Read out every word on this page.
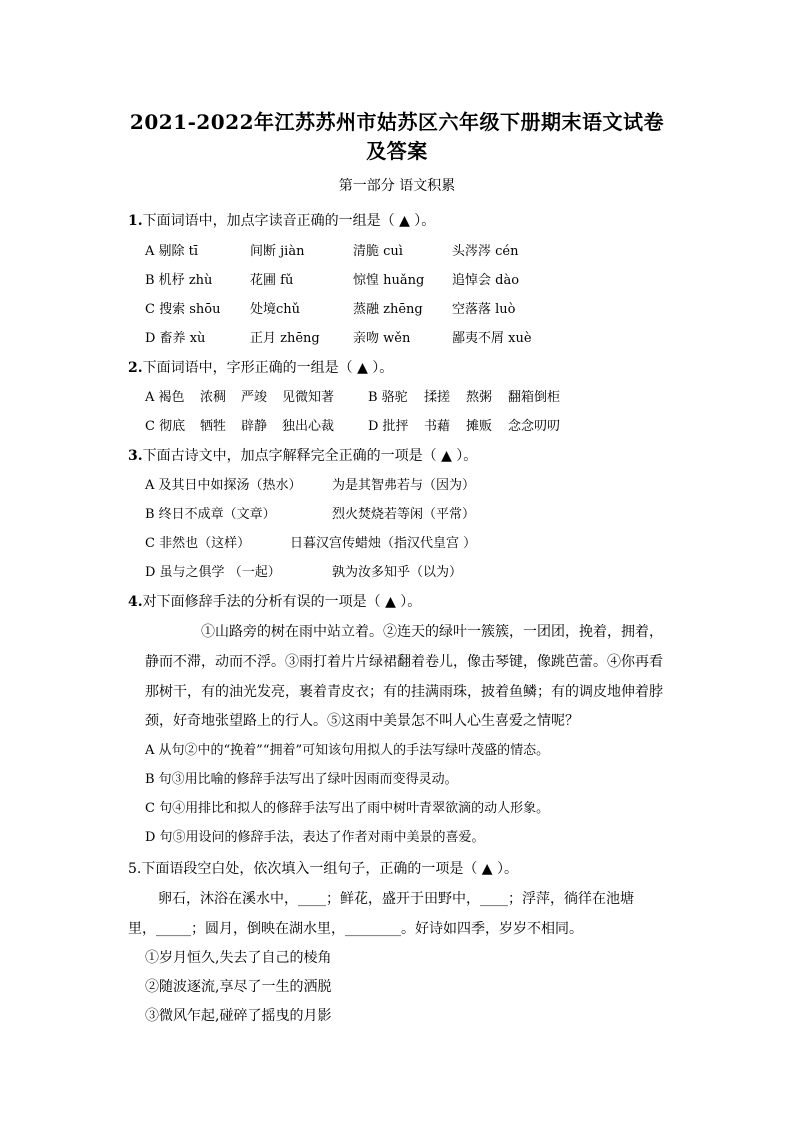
2021-2022年江苏苏州市姑苏区六年级下册期末语文试卷
及答案
第一部分 语文积累
1.下面词语中，加点字读音正确的一组是（ ▲ ）。
A 剔除 tī	间断 jiàn	清脆 cuì	头涔涔 cén
B 机杼 zhù	花圃 fǔ	惊惶 huǎng 追悼会 dào
C 搜索 shōu 处境chǔ	蒸融 zhēng 空落落 luò
D 畜养 xù	正月 zhēng	亲吻 wěn	鄙夷不屑 xuè
2.下面词语中，字形正确的一组是（ ▲ ）。
A 褐色 浓稠 严竣 见微知著	B 骆驼 揉搓 熬粥 翻箱倒柜
C 彻底 牺牲 辟静 独出心裁	D 批抨 书藉 摊贩 念念叨叨
3.下面古诗文中，加点字解释完全正确的一项是（ ▲ ）。
A 及其日中如探汤（热水） 为是其智弗若与（因为）
B 终日不成章（文章）	烈火焚烧若等闲（平常）
C 非然也（这样）	日暮汉宫传蜡烛（指汉代皇宫 ）
D 虽与之俱学 （一起）	孰为汝多知乎（以为）
4.对下面修辞手法的分析有误的一项是（ ▲ ）。
①山路旁的树在雨中站立着。②连天的绿叶一簇簇，一团团，挽着，拥着，
静而不滞，动而不浮。③雨打着片片绿裙翻着卷儿，像击琴键，像跳芭蕾。④你再看
那树干，有的油光发亮，裹着青皮衣；有的挂满雨珠，披着鱼鳞；有的调皮地伸着脖
颈，好奇地张望路上的行人。⑤这雨中美景怎不叫人心生喜爱之情呢？
A 从句②中的“挽着”“拥着”可知该句用拟人的手法写绿叶茂盛的情态。
B 句③用比喻的修辞手法写出了绿叶因雨而变得灵动。
C 句④用排比和拟人的修辞手法写出了雨中树叶青翠欲滴的动人形象。
D 句⑤用设问的修辞手法，表达了作者对雨中美景的喜爱。
5.下面语段空白处，依次填入一组句子，正确的一项是（ ▲ ）。
卵石，沐浴在溪水中，____；鲜花，盛开于田野中，____；浮萍，徜徉在池塘
里，_____；圆月，倒映在湖水里，________。好诗如四季，岁岁不相同。
①岁月恒久,失去了自己的棱角
②随波逐流,享尽了一生的洒脱
③微风乍起,碰碎了摇曳的月影
